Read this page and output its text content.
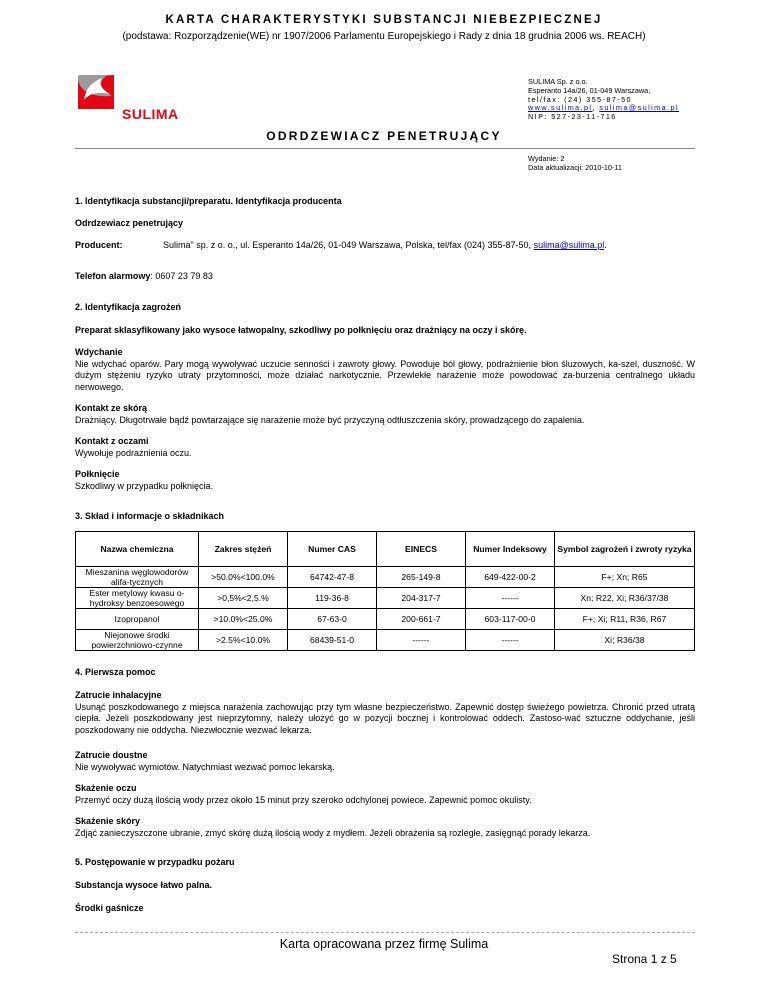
KARTA CHARAKTERYSTYKI SUBSTANCJI NIEBEZPIECZNEJ
(podstawa: Rozporządzenie(WE) nr 1907/2006 Parlamentu Europejskiego i Rady z dnia 18 grudnia 2006 ws. REACH)
SULIMA
SULIMA Sp. z o.o.
Esperanto 14a/26, 01-049 Warszawa,
tel/fax: (24) 355-87-50
www.sulima.pl, sulima@sulima.pl
NIP: 527-23-11-716
ODRDZEWIACZ PENETRUJĄCY
Wydanie: 2
Data aktualizacji: 2010-10-11
1. Identyfikacja substancji/preparatu. Identyfikacja producenta
Odrdzewiacz penetrujący
Producent:	Sulima" sp. z o. o., ul. Esperanto 14a/26, 01-049 Warszawa, Polska, tel/fax (024) 355-87-50, sulima@sulima.pl.
Telefon alarmowy: 0607 23 79 83
2. Identyfikacja zagrożeń
Preparat sklasyfikowany jako wysoce łatwopalny, szkodliwy po połknięciu oraz drażniący na oczy i skórę.
Wdychanie
Nie wdychać oparów. Pary mogą wywoływać uczucie senności i zawroty głowy. Powoduje ból głowy, podrażnienie błon śluzowych, ka-szel, duszność. W dużym stężeniu ryzyko utraty przytomności, może działać narkotycznie. Przewlekłe narażenie może powodować za-burzenia centralnego układu nerwowego.
Kontakt ze skórą
Drażniący. Długotrwałe bądź powtarzające się narażenie może być przyczyną odtłuszczenia skóry, prowadzącego do zapalenia.
Kontakt z oczami
Wywołuje podrażnienia oczu.
Połknięcie
Szkodliwy w przypadku połknięcia.
3. Skład i informacje o składnikach
Nazwa chemiczna	Zakres stężeń	Numer CAS	EINECS	Numer Indeksowy	Symbol zagrożeń i zwroty ryzyka
Mieszanina węglowodorów alifa-tycznych	>50.0%<100.0%	64742-47-8	265-149-8	649-422-00-2	F+; Xn; R65
Ester metylowy kwasu o-hydroksy benzoesowego	>0,5%<2,5.%	119-36-8	204-317-7	------	Xn; R22, Xi; R36/37/38
Izopropanol	>10.0%<25.0%	67-63-0	200-661-7	603-117-00-0	F+; Xi; R11, R36, R67
Niejonowe środki powierzchniowo-czynne	>2.5%<10.0%	68439-51-0	------	------	Xi; R36/38
4. Pierwsza pomoc
Zatrucie inhalacyjne
Usunąć poszkodowanego z miejsca narażenia zachowując przy tym własne bezpieczeństwo. Zapewnić dostęp świeżego powietrza. Chronić przed utratą ciepła. Jeżeli poszkodowany jest nieprzytomny, należy ułożyć go w pozycji bocznej i kontrolować oddech. Zastoso-wać sztuczne oddychanie, jeśli poszkodowany nie oddycha. Niezwłocznie wezwać lekarza.
Zatrucie doustne
Nie wywoływać wymiotów. Natychmiast wezwać pomoc lekarską.
Skażenie oczu
Przemyć oczy dużą ilością wody przez około 15 minut przy szeroko odchylonej powiece. Zapewnić pomoc okulisty.
Skażenie skóry
Zdjąć zanieczyszczone ubranie, zmyć skórę dużą ilością wody z mydłem. Jeżeli obrażenia są rozległe, zasięgnąć porady lekarza.
5. Postępowanie w przypadku pożaru
Substancja wysoce łatwo palna.
Środki gaśnicze
Karta opracowana przez firmę Sulima
Strona 1 z 5
